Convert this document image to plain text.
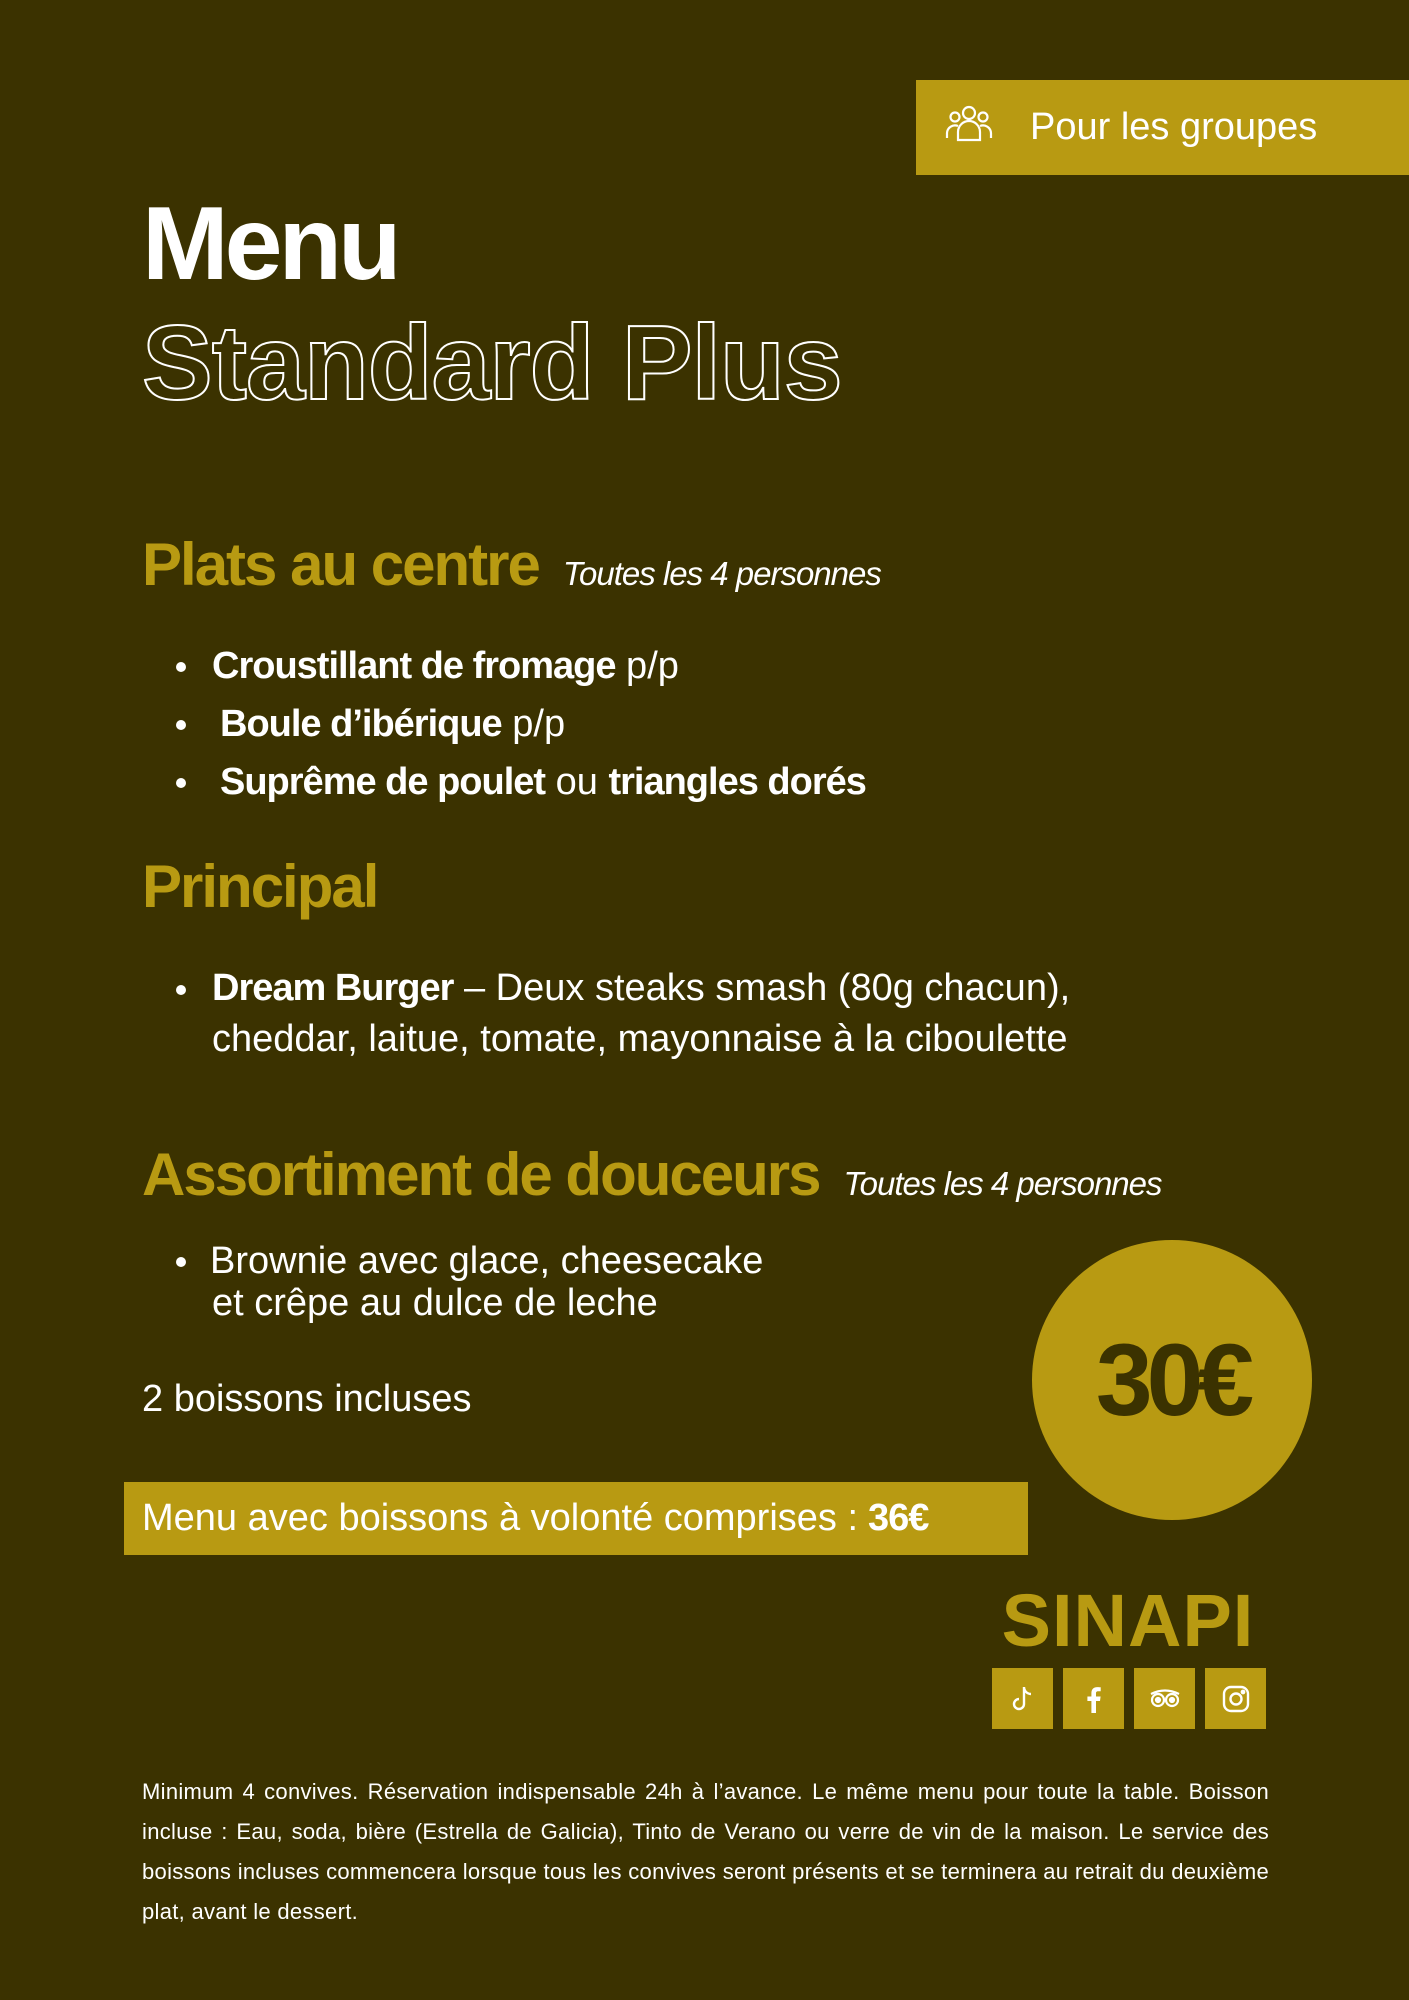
Pour les groupes
Menu
Standard Plus
Plats au centre Toutes les 4 personnes
Croustillant de fromage p/p
Boule d’ibérique p/p
Suprême de poulet ou triangles dorés
Principal
Dream Burger – Deux steaks smash (80g chacun),
cheddar, laitue, tomate, mayonnaise à la ciboulette
Assortiment de douceurs Toutes les 4 personnes
Brownie avec glace, cheesecake
et crêpe au dulce de leche
2 boissons incluses	30€
Menu avec boissons à volonté comprises : 36€
SINAPI
Minimum 4 convives. Réservation indispensable 24h à l’avance. Le même menu pour toute la table. Boisson incluse : Eau, soda, bière (Estrella de Galicia), Tinto de Verano ou verre de vin de la maison. Le service des boissons incluses commencera lorsque tous les convives seront présents et se terminera au retrait du deuxième plat, avant le dessert.
